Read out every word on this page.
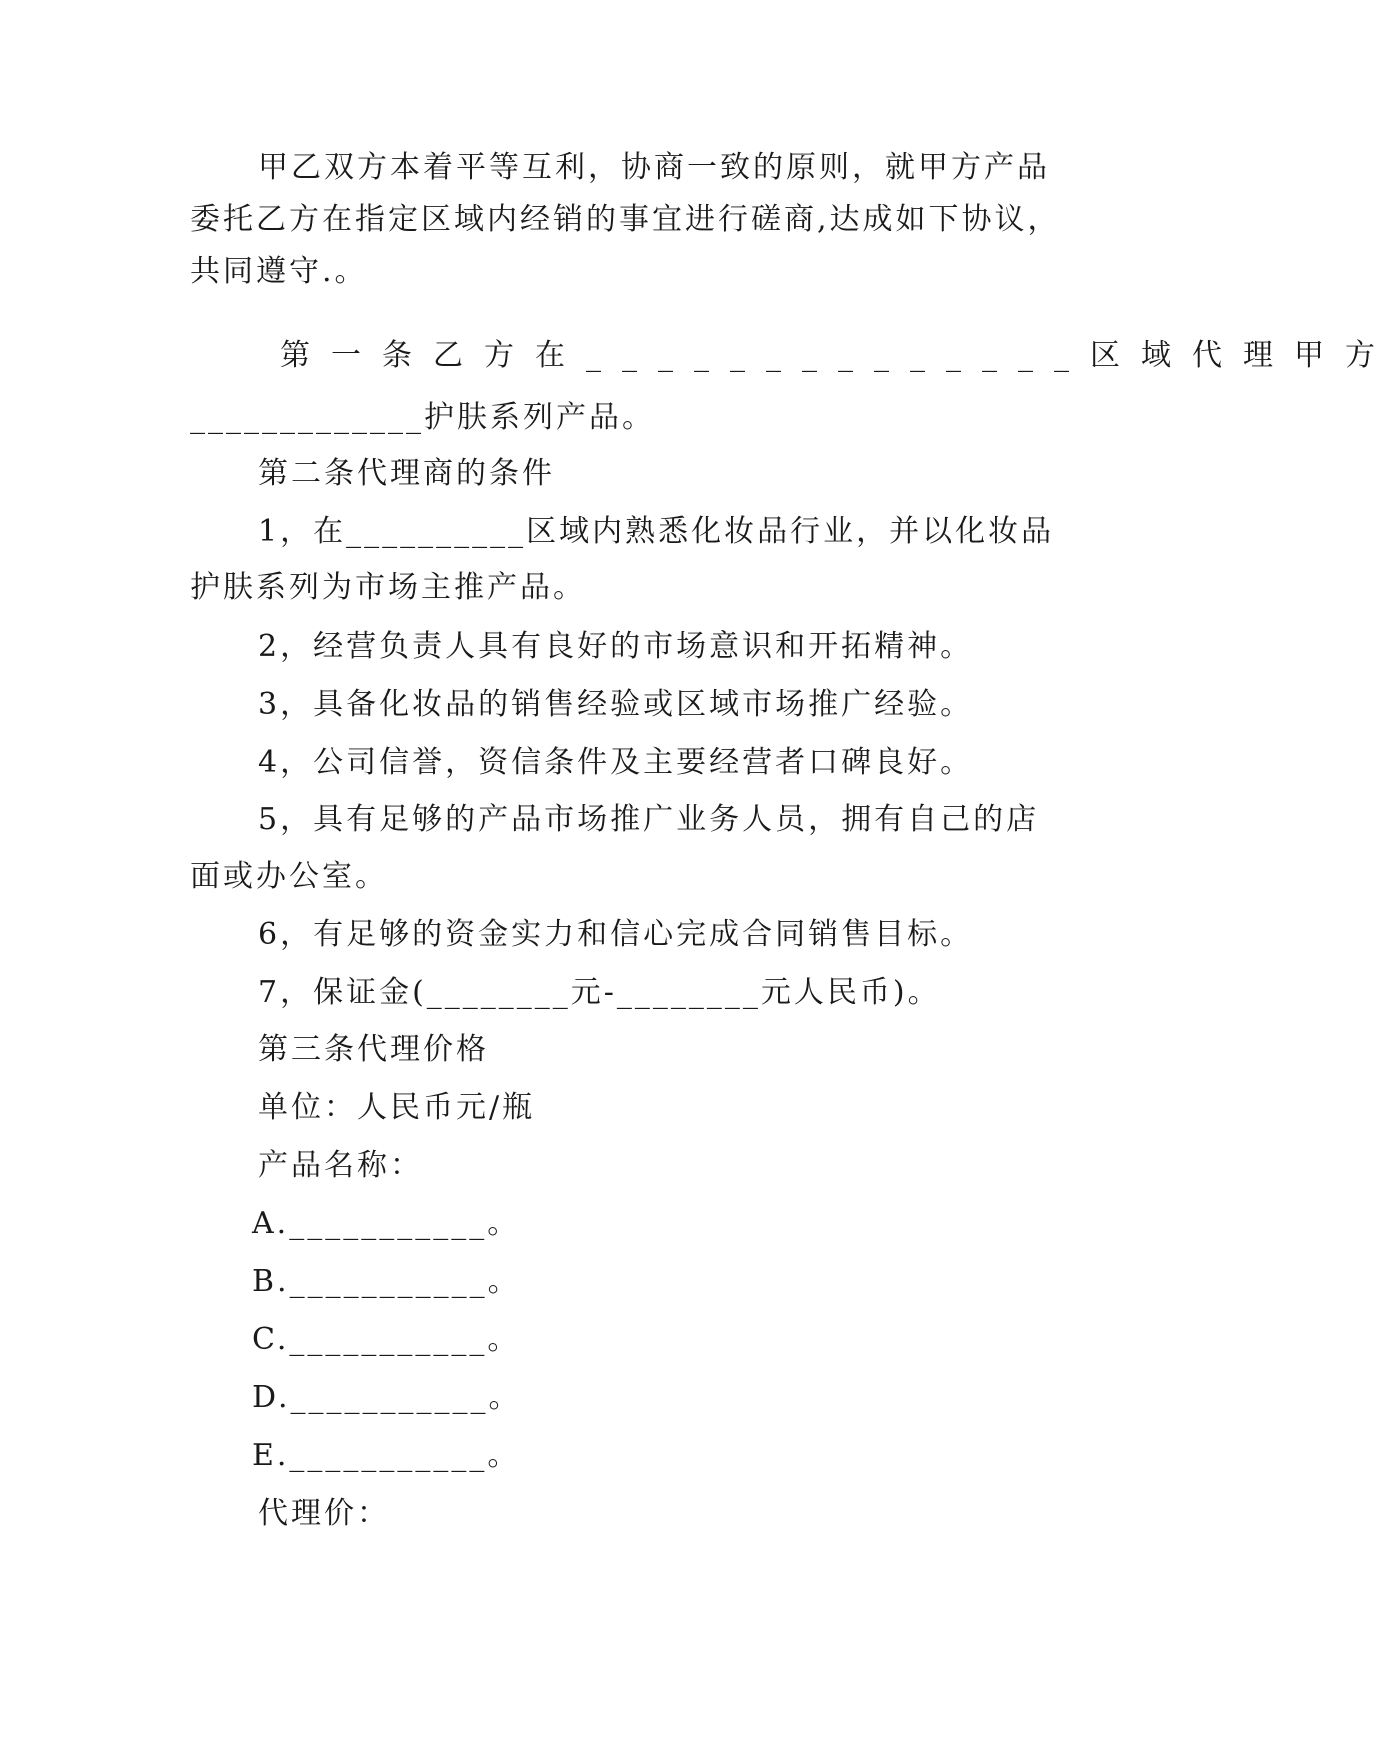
甲乙双方本着平等互利，协商一致的原则，就甲方产品
委托乙方在指定区域内经销的事宜进行磋商,达成如下协议，
共同遵守.。
第一条乙方在______________区域代理甲方
_____________护肤系列产品。
第二条代理商的条件
1，在__________区域内熟悉化妆品行业，并以化妆品
护肤系列为市场主推产品。
2，经营负责人具有良好的市场意识和开拓精神。
3，具备化妆品的销售经验或区域市场推广经验。
4，公司信誉，资信条件及主要经营者口碑良好。
5，具有足够的产品市场推广业务人员，拥有自己的店
面或办公室。
6，有足够的资金实力和信心完成合同销售目标。
7，保证金(________元-________元人民币)。
第三条代理价格
单位：人民币元/瓶
产品名称：
A.___________。
B.___________。
C.___________。
D.___________。
E.___________。
代理价：
